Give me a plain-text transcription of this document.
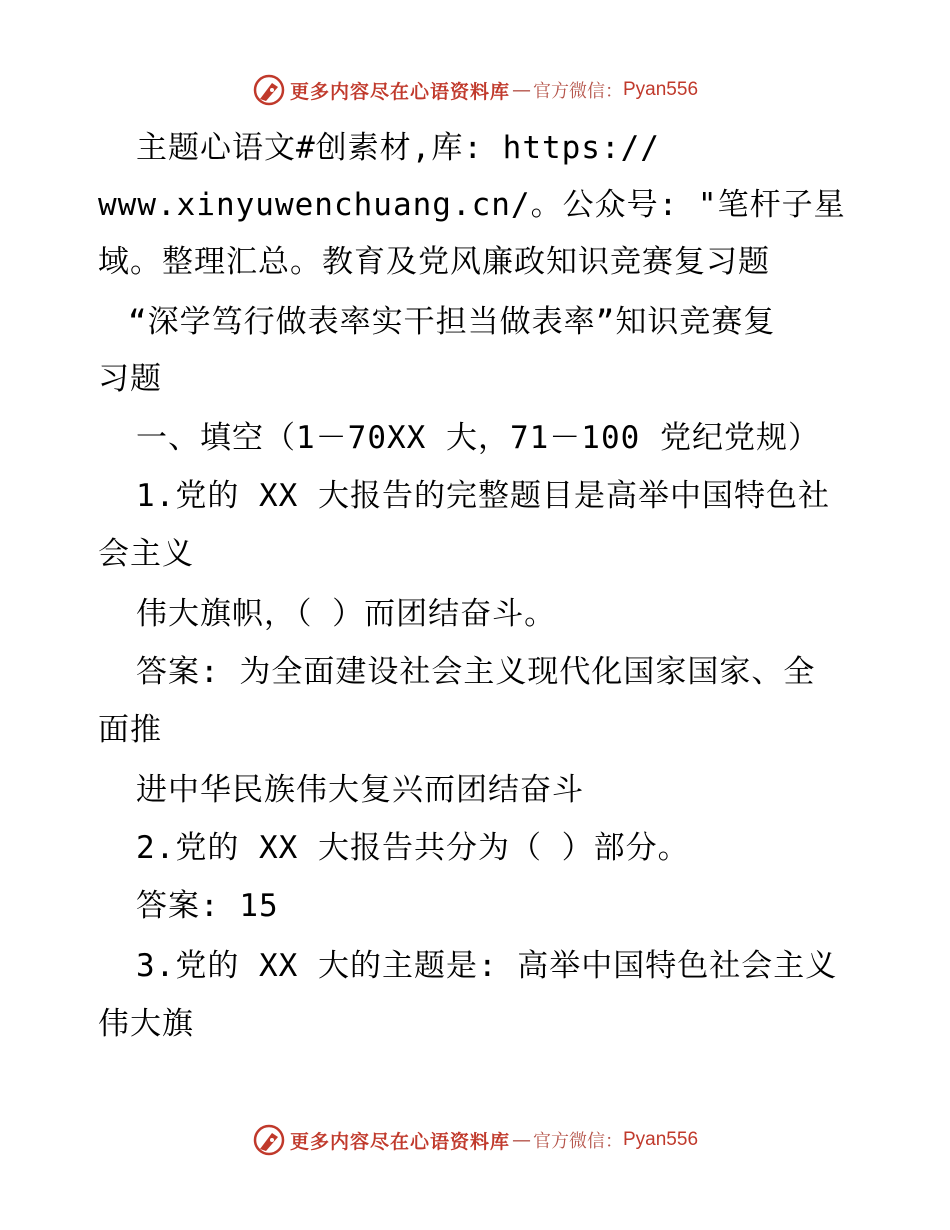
更多内容尽在心语资料库 — 官方微信： Pyan556
主题心语文#创素材,库: https://
www.xinyuwenchuang.cn/。公众号: "笔杆子星
域。整理汇总。教育及党风廉政知识竞赛复习题
“深学笃行做表率实干担当做表率”知识竞赛复
习题
一、填空（1－70XX 大，71－100 党纪党规）
1.党的 XX 大报告的完整题目是高举中国特色社
会主义
伟大旗帜，（ ）而团结奋斗。
答案: 为全面建设社会主义现代化国家国家、全
面推
进中华民族伟大复兴而团结奋斗
2.党的 XX 大报告共分为（ ）部分。
答案: 15
3.党的 XX 大的主题是: 高举中国特色社会主义
伟大旗
更多内容尽在心语资料库 — 官方微信： Pyan556
